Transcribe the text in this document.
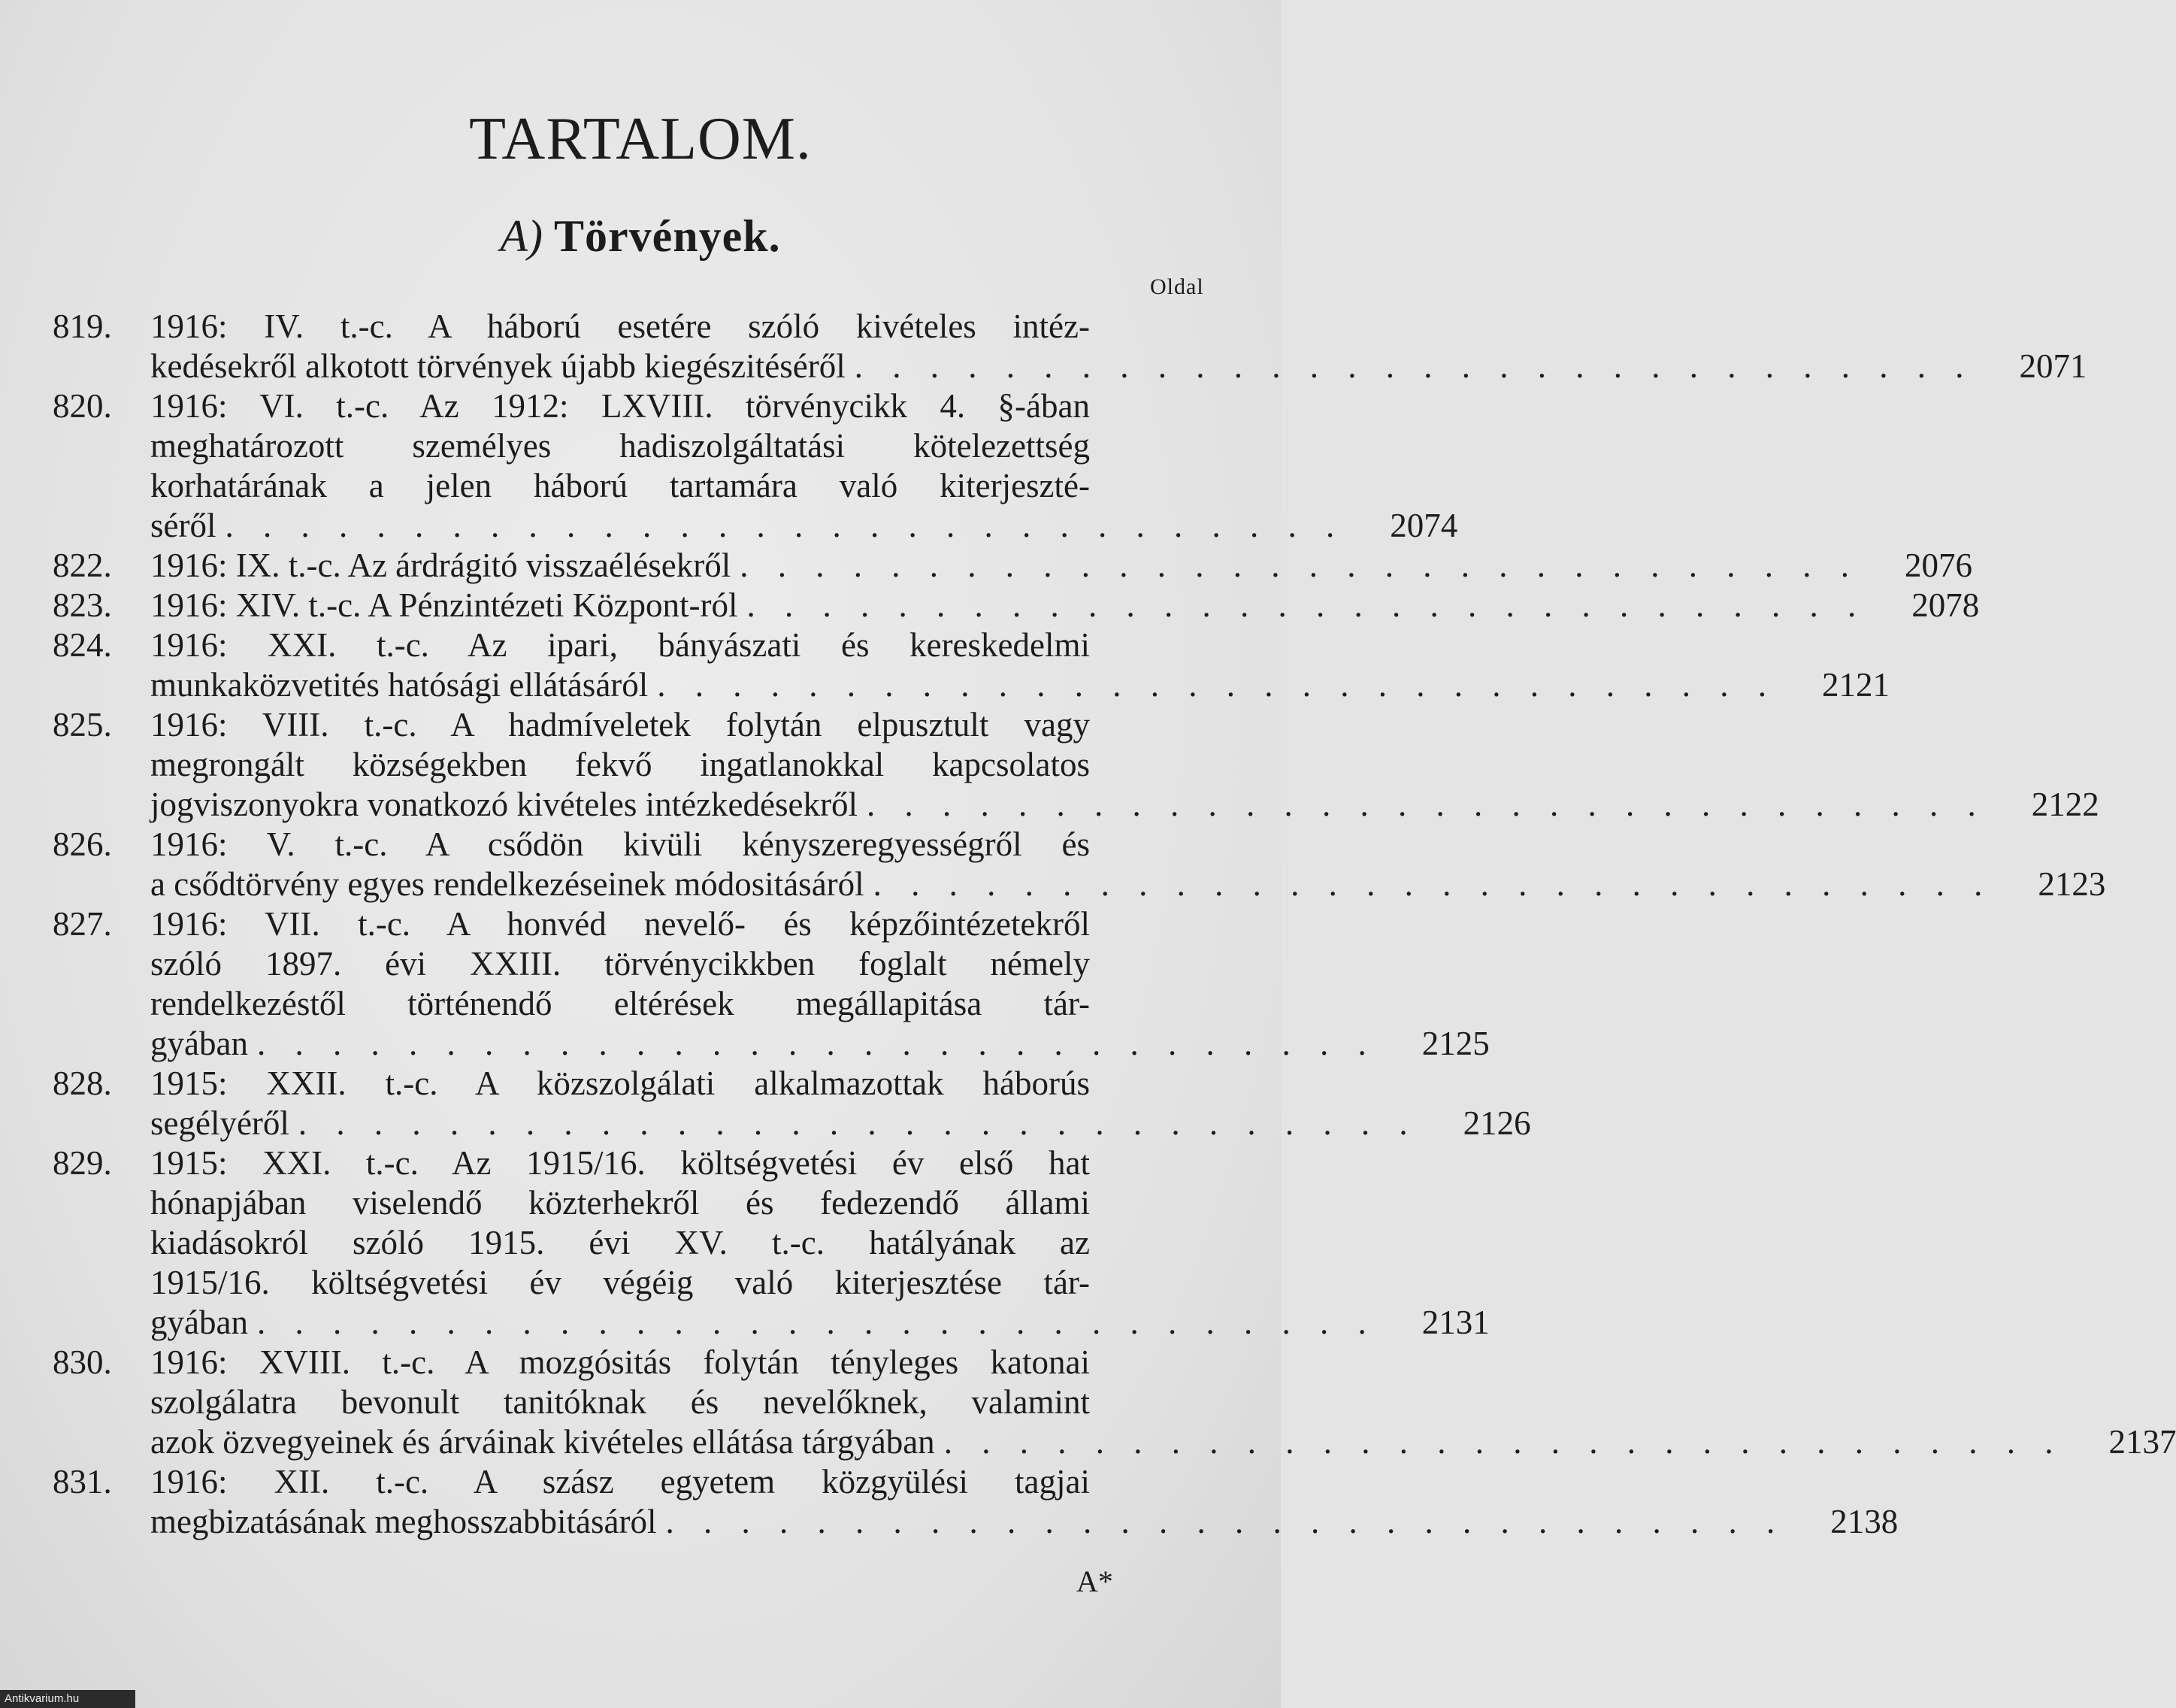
TARTALOM.
A) Törvények.
Oldal
819.	1916: IV. t.-c. A háború esetére szóló kivételes intéz-
kedésekről alkotott törvények újabb kiegészitéséről . . . . . . . . . . . . . . . . . . . . . . . . . . . . . .	2071
820.	1916: VI. t.-c. Az 1912: LXVIII. törvénycikk 4. §-ában
meghatározott személyes hadiszolgáltatási kötelezettség
korhatárának a jelen háború tartamára való kiterjeszté-
séről . . . . . . . . . . . . . . . . . . . . . . . . . . . . . .	2074
822.	1916: IX. t.-c. Az árdrágitó visszaélésekről . . . . . . . . . . . . . . . . . . . . . . . . . . . . . .	2076
823.	1916: XIV. t.-c. A Pénzintézeti Központ-ról . . . . . . . . . . . . . . . . . . . . . . . . . . . . . .	2078
824.	1916: XXI. t.-c. Az ipari, bányászati és kereskedelmi
munkaközvetités hatósági ellátásáról . . . . . . . . . . . . . . . . . . . . . . . . . . . . . .	2121
825.	1916: VIII. t.-c. A hadmíveletek folytán elpusztult vagy
megrongált községekben fekvő ingatlanokkal kapcsolatos
jogviszonyokra vonatkozó kivételes intézkedésekről . . . . . . . . . . . . . . . . . . . . . . . . . . . . . .	2122
826.	1916: V. t.-c. A csődön kivüli kényszeregyességről és
a csődtörvény egyes rendelkezéseinek módositásáról . . . . . . . . . . . . . . . . . . . . . . . . . . . . . .	2123
827.	1916: VII. t.-c. A honvéd nevelő- és képzőintézetekről
szóló 1897. évi XXIII. törvénycikkben foglalt némely
rendelkezéstől történendő eltérések megállapitása tár-
gyában . . . . . . . . . . . . . . . . . . . . . . . . . . . . . .	2125
828.	1915: XXII. t.-c. A közszolgálati alkalmazottak háborús
segélyéről . . . . . . . . . . . . . . . . . . . . . . . . . . . . . .	2126
829.	1915: XXI. t.-c. Az 1915/16. költségvetési év első hat
hónapjában viselendő közterhekről és fedezendő állami
kiadásokról szóló 1915. évi XV. t.-c. hatályának az
1915/16. költségvetési év végéig való kiterjesztése tár-
gyában . . . . . . . . . . . . . . . . . . . . . . . . . . . . . .	2131
830.	1916: XVIII. t.-c. A mozgósitás folytán tényleges katonai
szolgálatra bevonult tanitóknak és nevelőknek, valamint
azok özvegyeinek és árváinak kivételes ellátása tárgyában . . . . . . . . . . . . . . . . . . . . . . . . . . . . . .	2137
831.	1916: XII. t.-c. A szász egyetem közgyülési tagjai
megbizatásának meghosszabbitásáról . . . . . . . . . . . . . . . . . . . . . . . . . . . . . .	2138
A*
Antikvarium.hu
